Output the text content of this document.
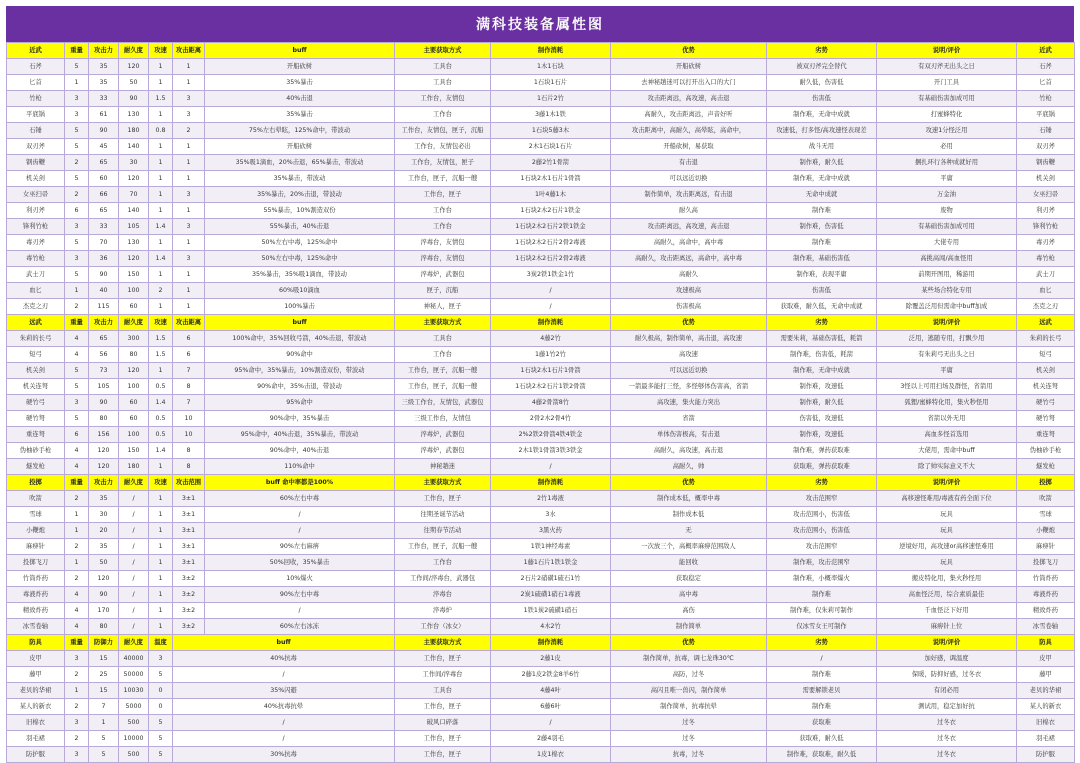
满科技装备属性图
近武	重量	攻击力	耐久度	攻速	攻击距离	buff	主要获取方式	制作消耗	优势	劣势	说明/评价	近武
石斧	5	35	120	1	1	开船砍树	工具台	1木1石块	开船砍树	被双刃斧完全替代	有双刃斧无出头之日	石斧
匕首	1	35	50	1	1	35%暴击	工具台	1石块1石片	去神秘趟迷可以打开出入口的大门	耐久低，伤害低	开门工具	匕首
竹枪	3	33	90	1.5	3	40%击退	工作台，友情包	1石片2竹	攻击距离远，高攻速，高击退	伤害低	有基础伤害加成可用	竹枪
平底锅	3	61	130	1	3	35%暴击	工作台	3藤1木1铁	高耐久，攻击距离远，声音好听	制作难，无命中成就	打蜜蜂特化	平底锅
石锤	5	90	180	0.8	2	75%左右晕眩，125%命中，带波动	工作台，友情包，匣子，沉船	1石块5藤3木	攻击距离中，高耐久，高晕眩，高命中，	攻速低，打多怪/高攻速怪表现差	攻速1分怪泛用	石锤
双刃斧	5	45	140	1	1	开船砍树	工作台，友情包必出	2木1石块1石片	开船砍树，易获取	战斗无用	必用	双刃斧
钢齿鞭	2	65	30	1	1	35%吸1滴血，20%击退，65%暴击，带波动	工作台，友情包，匣子	2藤2竹1骨箭	有击退	制作难，耐久低	捆扎环行各种成就好用	钢齿鞭
机关剑	5	60	120	1	1	35%暴击，带波动	工作台，匣子，沉船一艘	1石块2木1石片1骨箭	可以远近切换	制作难，无命中成就	平庸	机关剑
女巫扫帚	2	66	70	1	3	35%暴击，20%击退，带波动	工作台，匣子	1叶4藤1木	制作简单，攻击距离远，有击退	无命中成就	万金油	女巫扫帚
利刃斧	6	65	140	1	1	55%暴击，10%割造双份	工作台	1石块2木2石片1铁金	耐久高	制作难	废物	利刃斧
锋利竹枪	3	33	105	1.4	3	55%暴击，40%击退	工作台	1石块2木2石片2铁1铁金	攻击距离远，高攻速，高击退	制作难，伤害低	有基础伤害加成可用	锋利竹枪
毒刃斧	5	70	130	1	1	50%左右中毒，125%命中	淬毒台，友情包	1石块2木2石片2骨2毒液	高耐久，高命中，高中毒	制作难	大佬专用	毒刃斧
毒竹枪	3	36	120	1.4	3	50%左右中毒，125%命中	淬毒台，友情包	1石块2木2石片2骨2毒液	高耐久，攻击距离远，高命中，高中毒	制作难，基础伤害低	高挑高闯/高血怪用	毒竹枪
武士刀	5	90	150	1	1	35%暴击，35%吸1滴血，带波动	淬毒炉，武器包	3炭2铁1铁金1竹	高耐久	制作难，表现平庸	前期开图用，稀游用	武士刀
血匕	1	40	100	2	1	60%吸10滴血	匣子，沉船	/	攻速极高	伤害低	某些场合特化专用	血匕
杰克之刃	2	115	60	1	1	100%暴击	神秘人，匣子	/	伤害极高	获取难，耐久低，无命中成就	除覆盖泛用但需命中buff加成	杰克之刃
远武	重量	攻击力	耐久度	攻速	攻击距离	buff	主要获取方式	制作消耗	优势	劣势	说明/评价	远武
朱莉的长弓	4	65	300	1.5	6	100%命中，35%回收弓箭，40%击退，带波动	工具台	4藤2竹	耐久极高，制作简单，高击退，高攻速	需要朱莉，基础伤害低，耗箭	泛用，逃随专用，打飘少用	朱莉的长弓
短弓	4	56	80	1.5	6	90%命中	工作台	1藤1竹2竹	高攻速	制作难，伤害低，耗箭	有朱莉弓无出头之日	短弓
机关剑	5	73	120	1	7	95%命中，35%暴击，10%割造双份，带波动	工作台，匣子，沉船一艘	1石块2木1石片1骨箭	可以远近切换	制作难，无命中成就	平庸	机关剑
机关连弩	5	105	100	0.5	8	90%命中，35%击退，带波动	工作台，匣子，沉船一艘	1石块2木2石片1铁2骨箭	一箭最多能打三怪，多怪够体伤害高，省箭	制作难，攻速低	3怪以上可用扫场及群怪，省箭用	机关连弩
硬竹弓	3	90	60	1.4	7	95%命中	三级工作台，友情包，武器包	4藤2骨箭8竹	高攻速，集火能力突出	制作难，耐久低	狐狸/蜜蜂特化用，集火秒怪用	硬竹弓
硬竹弩	5	80	60	0.5	10	90%命中，35%暴击	三级工作台，友情包	2骨2木2骨4竹	省箭	伤害低，攻速低	省箭以外无用	硬竹弩
重连弩	6	156	100	0.5	10	95%命中，40%击退，35%暴击，带波动	淬毒炉，武器包	2%2铁2骨箭4铁4铁金	单体伤害极高，有击退	制作难，攻速低	高血多怪首选用	重连弩
伪柚砂手枪	4	120	150	1.4	8	90%命中，40%击退	淬毒炉，武器包	2木1铁1骨箭3铁3铁金	高耐久，高攻速，高击退	制作难，弹药获取难	大佬用，需命中buff	伪柚砂手枪
燧发枪	4	120	180	1	8	110%命中	神秘趟迷	/	高耐久，帅	获取难，弹药获取难	除了帅实际意义不大	燧发枪
投掷	重量	攻击力	耐久度	攻速	攻击范围	buff 命中率都是100%	主要获取方式	制作消耗	优势	劣势	说明/评价	投掷
吹箭	2	35	/	1	3±1	60%左右中毒	工作台，匣子	2竹1毒液	制作成本低，概率中毒	攻击范围窄	高移速怪难用/毒液有药全面下位	吹箭
雪球	1	30	/	1	3±1	/	往期圣诞节活动	3水	制作成本低	攻击范围小，伤害低	玩具	雪球
小鞭炮	1	20	/	1	3±1	/	往期春节活动	3黑火药	无	攻击范围小，伤害低	玩具	小鞭炮
麻痹针	2	35	/	1	3±1	90%左右麻痹	工作台，匣子，沉船一艘	1铁1神经毒素	一次放三个，高概率麻痹范围敌人	攻击范围窄	逆境好用，高攻速or高移速怪难用	麻痹针
投掷飞刀	1	50	/	1	3±1	50%回收，35%暴击	工作台	1藤1石片1铁1铁金	能回收	制作难，攻击范围窄	玩具	投掷飞刀
竹筒炸药	2	120	/	1	3±2	10%爆火	工作间/淬毒台，武器包	2石片2硝磺1硫石1竹	获取稳定	制作难，小概率爆火	搬皮特化用，集火秒怪用	竹筒炸药
毒液炸药	4	90	/	1	3±2	90%左右中毒	淬毒台	2炭1硫磺1硝石1毒液	高中毒	制作难	高血怪泛用，综合素质最佳	毒液炸药
精致炸药	4	170	/	1	3±2	/	淬毒炉	1铁1炭2硫磺1硝石	高伤	制作难，仅朱莉可制作	千血怪泛下好用	精致炸药
冰雪卷轴	4	80	/	1	3±2	60%左右冰冻	工作台（冰女）	4木2竹	制作简单	仅冰雪女王可制作	麻痹针上位	冰雪卷轴
防具	重量	防御力	耐久度	温度	buff		主要获取方式	制作消耗	优势	劣势	说明/评价	防具
皮甲	3	15	40000	3	40%抗毒		工作台，匣子	2藤1皮	制作简单，抗毒，调七龙珠30℃	/	加好感，调温度	皮甲
藤甲	2	25	50000	5	/		工作间/淬毒台	2藤1皮2铁金8羊6竹	高防，过冬	制作难	保暖，防抑好感，过冬衣	藤甲
老贝的华裙	1	15	10030	0	35%闪避		工具台	4藤4叶	高闪且唯一兽闪，制作简单	需要解锁老贝	有闭必用	老贝的华裙
某人的新衣	2	7	5000	0	40%抗毒抗晕		工作台，匣子	6藤6叶	制作简单，抗毒抗晕	制作难	测试用，稳定加好抗	某人的新衣
旧棉衣	3	1	500	5	/		破风口碎落	/	过冬	获取难	过冬衣	旧棉衣
羽毛裙	2	5	10000	5	/		工作台，匣子	2藤4羽毛	过冬	获取难，耐久低	过冬衣	羽毛裙
防护服	3	5	500	5	30%抗毒		工作台，匣子	1皮1棉衣	抗毒，过冬	制作难，获取难，耐久低	过冬衣	防护服
